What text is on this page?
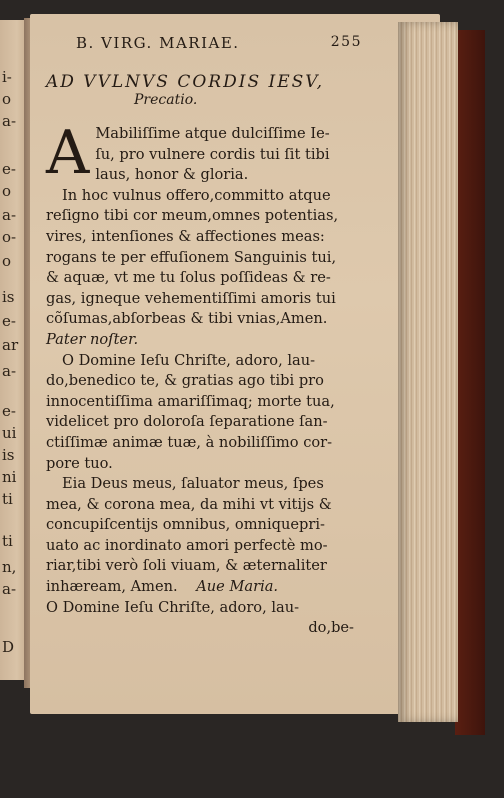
i-
o
a-
e-
o
a-
o-
o
is
e-
ar
a-
e-
ui
is
ni
ti
ti
n,
a-
D
B. VIRG. MARIAE.	255
AD VVLNVS CORDIS IESV,
Precatio.
A Mabiliſſime atque dulciſſime Ie-
ſu, pro vulnere cordis tui ſit tibi
laus, honor & gloria.
In hoc vulnus offero,committo atque
reſigno tibi cor meum,omnes potentias,
vires, intenſiones & affectiones meas:
rogans te per effuſionem Sanguinis tui,
& aquæ, vt me tu ſolus poſſideas & re-
gas, igneque vehementiſſimi amoris tui
cõſumas,abſorbeas & tibi vnias,Amen.
Pater noſter.
O Domine Ieſu Chriſte, adoro, lau-
do,benedico te, & gratias ago tibi pro
innocentiſſima amariſſimaq; morte tua,
videlicet pro doloroſa ſeparatione ſan-
ctiſſimæ animæ tuæ, à nobiliſſimo cor-
pore tuo.
Eia Deus meus, ſaluator meus, ſpes
mea, & corona mea, da mihi vt vitijs &
concupiſcentijs omnibus, omniqueprі-
uato ac inordinato amori perfectè mo-
riar,tibi verò ſoli viuam, & æternaliter
inhæream, Amen. Aue Maria.
O Domine Ieſu Chriſte, adoro, lau-
do,be-
